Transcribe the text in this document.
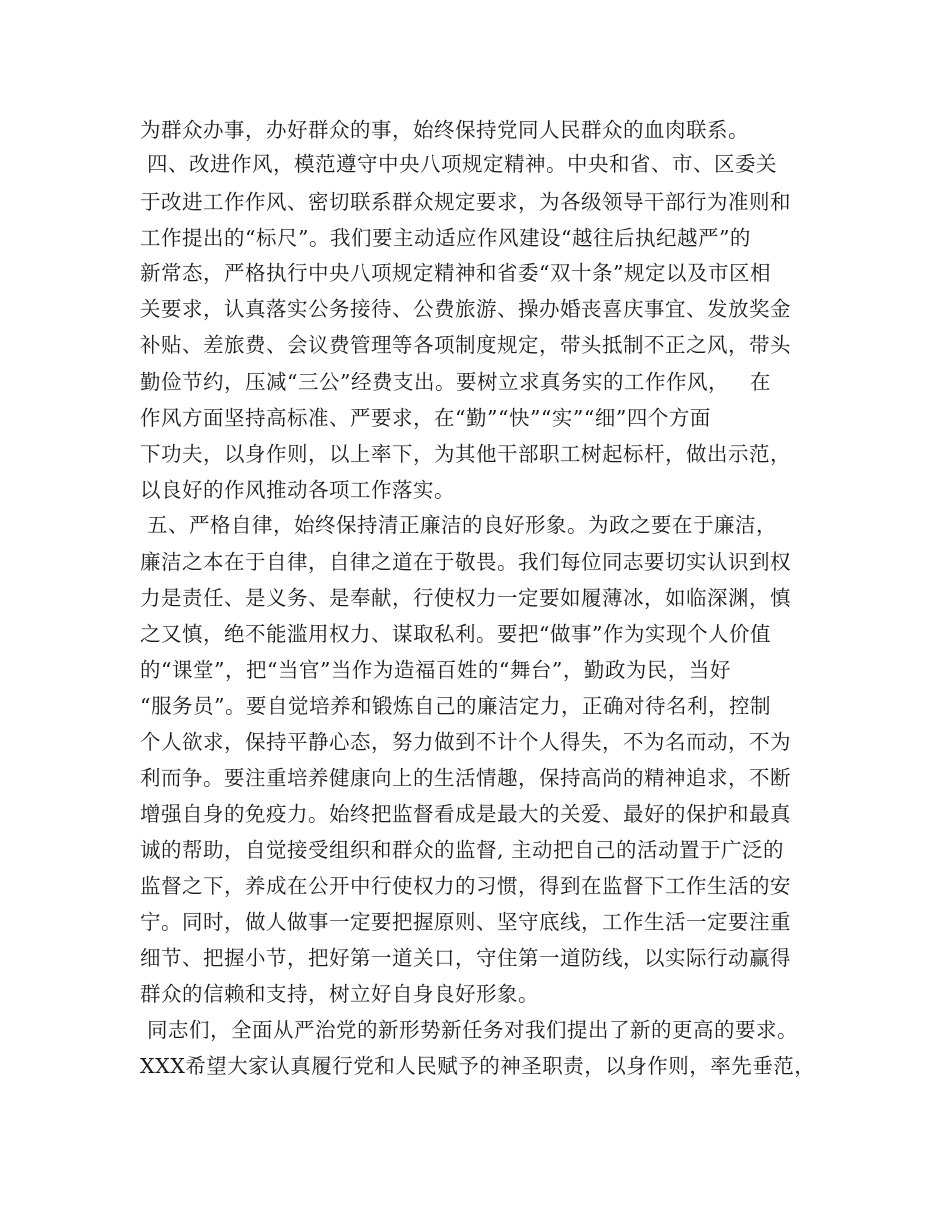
为群众办事，办好群众的事，始终保持党同人民群众的血肉联系。
四、改进作风，模范遵守中央八项规定精神。中央和省、市、区委关
于改进工作作风、密切联系群众规定要求，为各级领导干部行为准则和
工作提出的“标尺”。我们要主动适应作风建设“越往后执纪越严”的
新常态，严格执行中央八项规定精神和省委“双十条”规定以及市区相
关要求，认真落实公务接待、公费旅游、操办婚丧喜庆事宜、发放奖金
补贴、差旅费、会议费管理等各项制度规定，带头抵制不正之风，带头
勤俭节约，压减“三公”经费支出。要树立求真务实的工作作风，   在
作风方面坚持高标准、严要求，在“勤”“快”“实”“细”四个方面
下功夫，以身作则，以上率下，为其他干部职工树起标杆，做出示范，
以良好的作风推动各项工作落实。
五、严格自律，始终保持清正廉洁的良好形象。为政之要在于廉洁，
廉洁之本在于自律，自律之道在于敬畏。我们每位同志要切实认识到权
力是责任、是义务、是奉献，行使权力一定要如履薄冰，如临深渊，慎
之又慎，绝不能滥用权力、谋取私利。要把“做事”作为实现个人价值
的“课堂”，把“当官”当作为造福百姓的“舞台”，勤政为民，当好
“服务员”。要自觉培养和锻炼自己的廉洁定力，正确对待名利，控制
个人欲求，保持平静心态，努力做到不计个人得失，不为名而动，不为
利而争。要注重培养健康向上的生活情趣，保持高尚的精神追求，不断
增强自身的免疫力。始终把监督看成是最大的关爱、最好的保护和最真
诚的帮助，自觉接受组织和群众的监督, 主动把自己的活动置于广泛的
监督之下，养成在公开中行使权力的习惯，得到在监督下工作生活的安
宁。同时，做人做事一定要把握原则、坚守底线，工作生活一定要注重
细节、把握小节，把好第一道关口，守住第一道防线，以实际行动赢得
群众的信赖和支持，树立好自身良好形象。
同志们，全面从严治党的新形势新任务对我们提出了新的更高的要求。
XXX希望大家认真履行党和人民赋予的神圣职责，以身作则，率先垂范，
